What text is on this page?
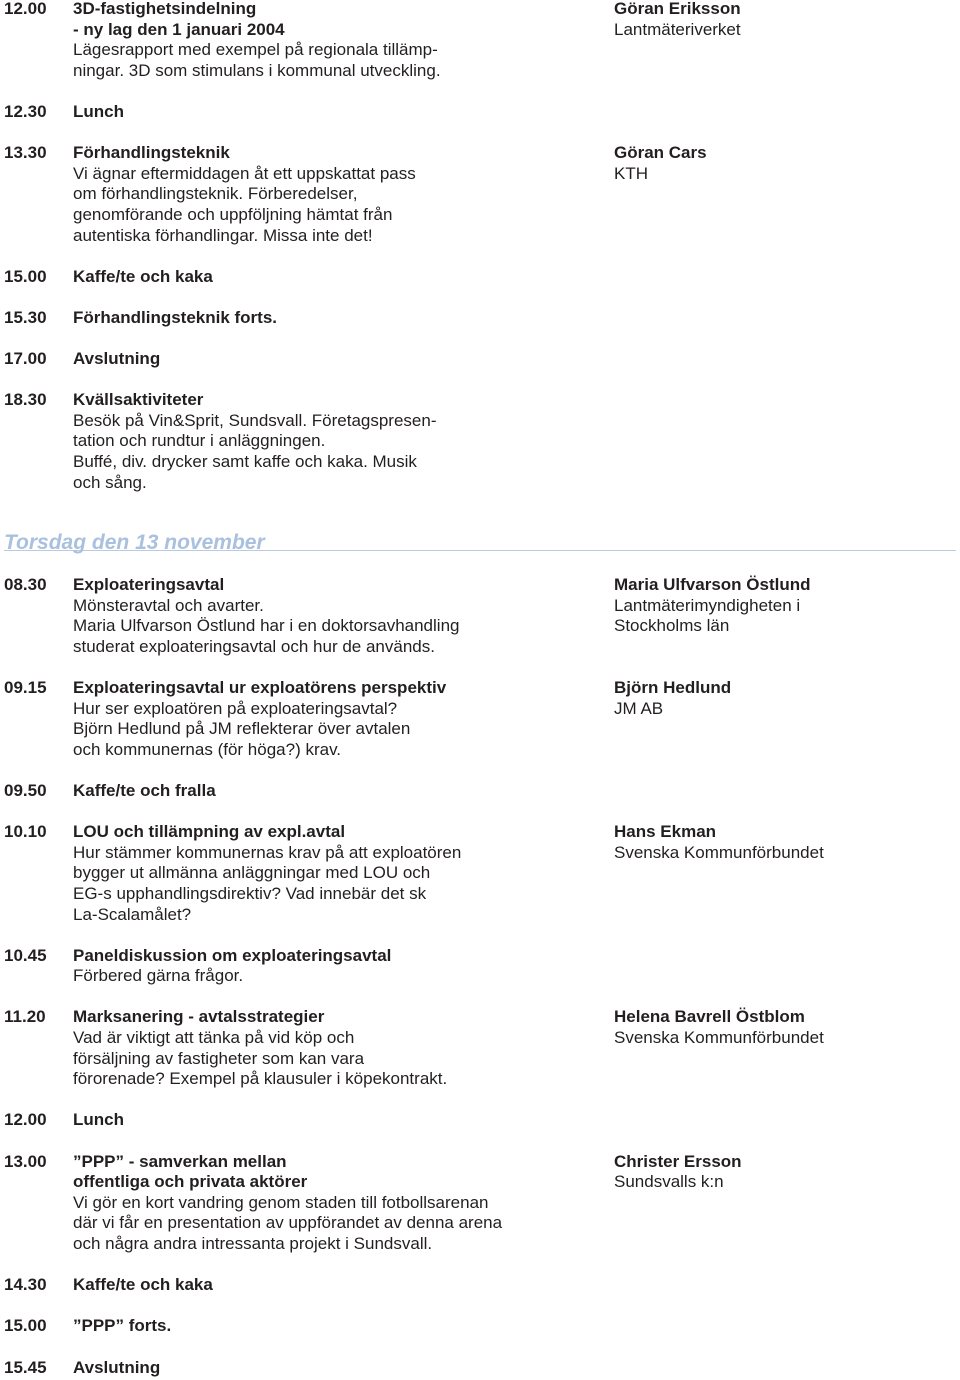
12.00 3D-fastighetsindelning
- ny lag den 1 januari 2004
Lägesrapport med exempel på regionala tillämp-
ningar. 3D som stimulans i kommunal utveckling.
Göran Eriksson
Lantmäteriverket
12.30 Lunch
13.30 Förhandlingsteknik
Vi ägnar eftermiddagen åt ett uppskattat pass
om förhandlingsteknik. Förberedelser,
genomförande och uppföljning hämtat från
autentiska förhandlingar. Missa inte det!
Göran Cars
KTH
15.00 Kaffe/te och kaka
15.30 Förhandlingsteknik forts.
17.00 Avslutning
18.30 Kvällsaktiviteter
Besök på Vin&Sprit, Sundsvall. Företagspresen-
tation och rundtur i anläggningen.
Buffé, div. drycker samt kaffe och kaka. Musik
och sång.
Torsdag den 13 november
08.30 Exploateringsavtal
Mönsteravtal och avarter.
Maria Ulfvarson Östlund har i en doktorsavhandling
studerat exploateringsavtal och hur de används.
Maria Ulfvarson Östlund
Lantmäterimyndigheten i
Stockholms län
09.15 Exploateringsavtal ur exploatörens perspektiv
Hur ser exploatören på exploateringsavtal?
Björn Hedlund på JM reflekterar över avtalen
och kommunernas (för höga?) krav.
Björn Hedlund
JM AB
09.50 Kaffe/te och fralla
10.10 LOU och tillämpning av expl.avtal
Hur stämmer kommunernas krav på att exploatören
bygger ut allmänna anläggningar med LOU och
EG-s upphandlingsdirektiv? Vad innebär det sk
La-Scalamålet?
Hans Ekman
Svenska Kommunförbundet
10.45 Paneldiskussion om exploateringsavtal
Förbered gärna frågor.
11.20 Marksanering - avtalsstrategier
Vad är viktigt att tänka på vid köp och
försäljning av fastigheter som kan vara
förorenade? Exempel på klausuler i köpekontrakt.
Helena Bavrell Östblom
Svenska Kommunförbundet
12.00 Lunch
13.00 ”PPP” - samverkan mellan
offentliga och privata aktörer
Vi gör en kort vandring genom staden till fotbollsarenan
där vi får en presentation av uppförandet av denna arena
och några andra intressanta projekt i Sundsvall.
Christer Ersson
Sundsvalls k:n
14.30 Kaffe/te och kaka
15.00 ”PPP” forts.
15.45 Avslutning
